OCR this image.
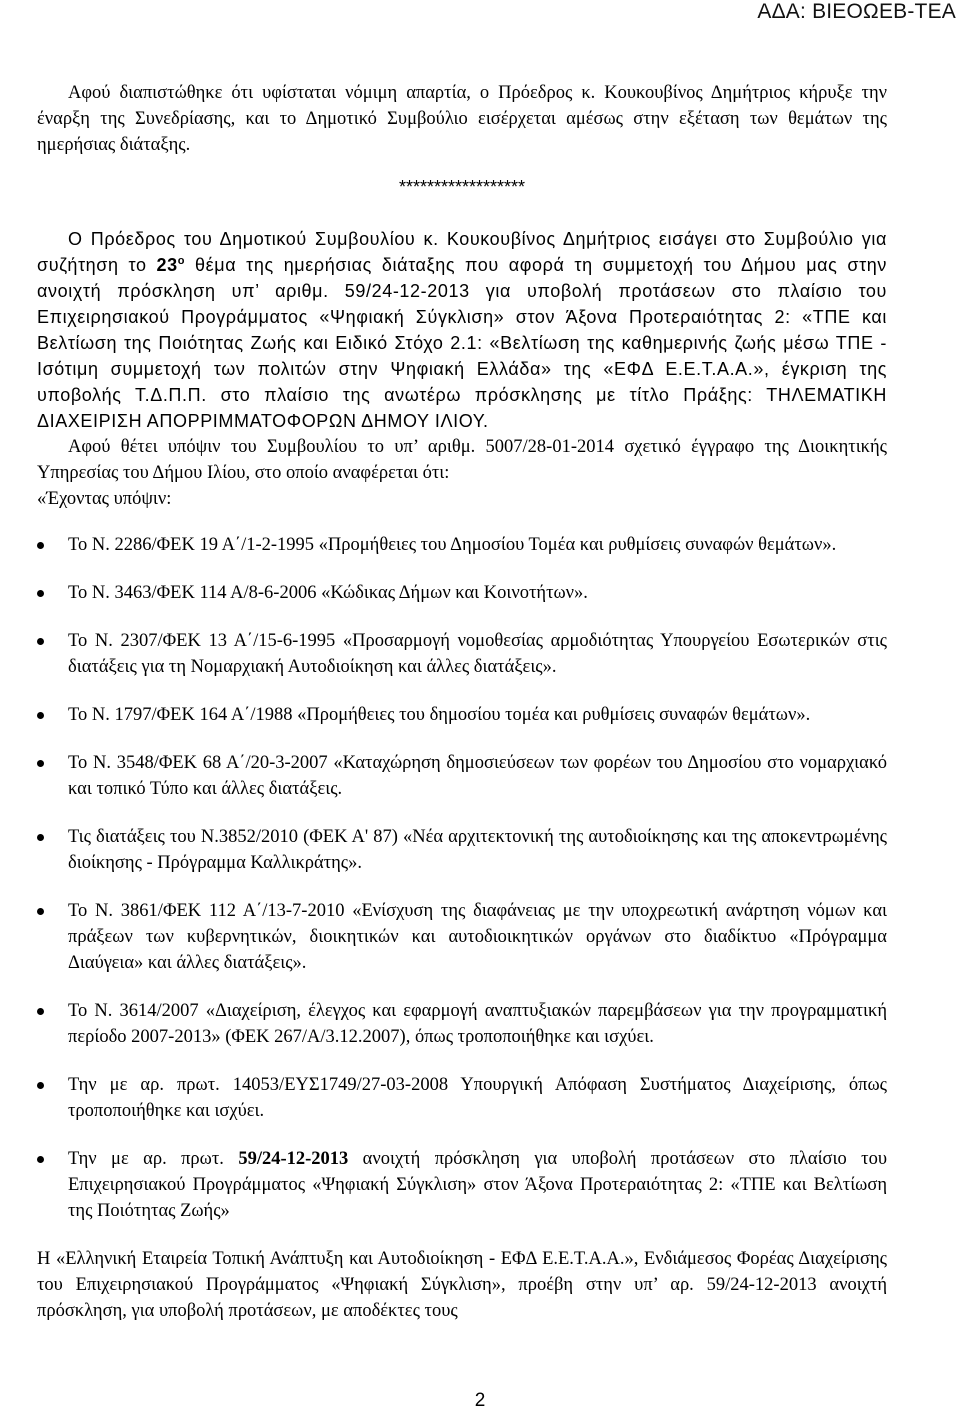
ΑΔΑ: ΒΙΕΟΩΕΒ-ΤΕΑ

Αφού διαπιστώθηκε ότι υφίσταται νόμιμη απαρτία, ο Πρόεδρος κ. Κουκουβίνος Δημήτριος κήρυξε την έναρξη της Συνεδρίασης, και το Δημοτικό Συμβούλιο εισέρχεται αμέσως στην εξέταση των θεμάτων της ημερήσιας διάταξης.

******************

Ο Πρόεδρος του Δημοτικού Συμβουλίου κ. Κουκουβίνος Δημήτριος εισάγει στο Συμβούλιο για συζήτηση το $23^o$ θέμα της ημερήσιας διάταξης που αφορά τη συμμετοχή του Δήμου μας στην ανοιχτή πρόσκληση υπ’ αριθμ. 59/24-12-2013 για υποβολή προτάσεων στο πλαίσιο του Επιχειρησιακού Προγράμματος «Ψηφιακή Σύγκλιση» στον Άξονα Προτεραιότητας 2: «ΤΠΕ και Βελτίωση της Ποιότητας Ζωής και Ειδικό Στόχο 2.1: «Βελτίωση της καθημερινής ζωής μέσω ΤΠΕ - Ισότιμη συμμετοχή των πολιτών στην Ψηφιακή Ελλάδα» της «ΕΦΔ Ε.Ε.Τ.Α.Α.», έγκριση της υποβολής Τ.Δ.Π.Π. στο πλαίσιο της ανωτέρω πρόσκλησης με τίτλο Πράξης: ΤΗΛΕΜΑΤΙΚΗ ΔΙΑΧΕΙΡΙΣΗ ΑΠΟΡΡΙΜΜΑΤΟΦΟΡΩΝ ΔΗΜΟΥ ΙΛΙΟΥ.

Αφού θέτει υπόψιν του Συμβουλίου το υπ’ αριθμ. 5007/28-01-2014 σχετικό έγγραφο της Διοικητικής Υπηρεσίας του Δήμου Ιλίου, στο οποίο αναφέρεται ότι:

«Έχοντας υπόψιν:

Το Ν. 2286/ΦΕΚ 19 Α΄/1-2-1995 «Προμήθειες του Δημοσίου Τομέα και ρυθμίσεις συναφών θεμάτων».
Το Ν. 3463/ΦΕΚ 114 Α/8-6-2006 «Κώδικας Δήμων και Κοινοτήτων».
Το Ν. 2307/ΦΕΚ 13 Α΄/15-6-1995 «Προσαρμογή νομοθεσίας αρμοδιότητας Υπουργείου Εσωτερικών στις διατάξεις για τη Νομαρχιακή Αυτοδιοίκηση και άλλες διατάξεις».
Το Ν. 1797/ΦΕΚ 164 Α΄/1988 «Προμήθειες του δημοσίου τομέα και ρυθμίσεις συναφών θεμάτων».
Το Ν. 3548/ΦΕΚ 68 Α΄/20-3-2007 «Καταχώρηση δημοσιεύσεων των φορέων του Δημοσίου στο νομαρχιακό και τοπικό Τύπο και άλλες διατάξεις.
Τις διατάξεις του Ν.3852/2010 (ΦΕΚ Α' 87) «Νέα αρχιτεκτονική της αυτοδιοίκησης και της αποκεντρωμένης διοίκησης - Πρόγραμμα Καλλικράτης».
Το Ν. 3861/ΦΕΚ 112 Α΄/13-7-2010 «Ενίσχυση της διαφάνειας με την υποχρεωτική ανάρτηση νόμων και πράξεων των κυβερνητικών, διοικητικών και αυτοδιοικητικών οργάνων στο διαδίκτυο «Πρόγραμμα Διαύγεια» και άλλες διατάξεις».
Το Ν. 3614/2007 «Διαχείριση, έλεγχος και εφαρμογή αναπτυξιακών παρεμβάσεων για την προγραμματική περίοδο 2007-2013» (ΦΕΚ 267/Α/3.12.2007), όπως τροποποιήθηκε και ισχύει.
Την με αρ. πρωτ. 14053/ΕΥΣ1749/27-03-2008 Υπουργική Απόφαση Συστήματος Διαχείρισης, όπως τροποποιήθηκε και ισχύει.
Την με αρ. πρωτ. 59/24-12-2013 ανοιχτή πρόσκληση για υποβολή προτάσεων στο πλαίσιο του Επιχειρησιακού Προγράμματος «Ψηφιακή Σύγκλιση» στον Άξονα Προτεραιότητας 2: «ΤΠΕ και Βελτίωση της Ποιότητας Ζωής»

Η «Ελληνική Εταιρεία Τοπική Ανάπτυξη και Αυτοδιοίκηση - ΕΦΔ Ε.Ε.Τ.Α.Α.», Ενδιάμεσος Φορέας Διαχείρισης του Επιχειρησιακού Προγράμματος «Ψηφιακή Σύγκλιση», προέβη στην υπ’ αρ. 59/24-12-2013 ανοιχτή πρόσκληση, για υποβολή προτάσεων, με αποδέκτες τους

2
